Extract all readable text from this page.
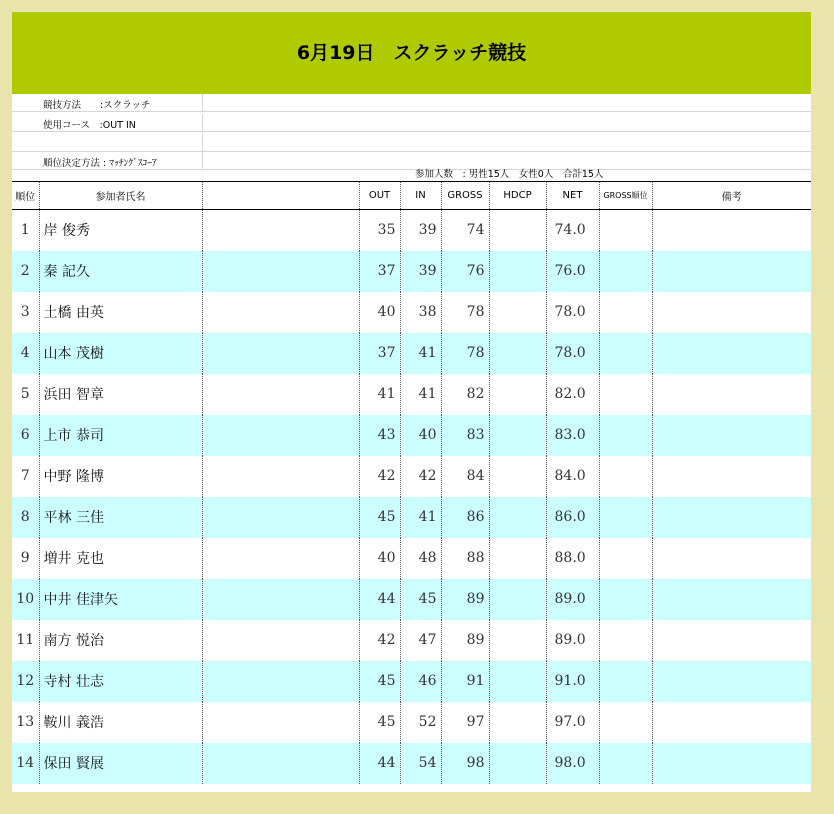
6月19日　スクラッチ競技
競技方法　　:スクラッチ
使用コース　:OUT IN
順位決定方法 : ﾏｯﾁﾝｸﾞｽｺｰｱ
参加人数　: 男性15人　女性0人　合計15人
順位	参加者氏名		OUT	IN	GROSS	HDCP	NET	GROSS順位	備考
1	岸 俊秀		35	39	74		74.0		
2	秦 記久		37	39	76		76.0		
3	土橋 由英		40	38	78		78.0		
4	山本 茂樹		37	41	78		78.0		
5	浜田 智章		41	41	82		82.0		
6	上市 恭司		43	40	83		83.0		
7	中野 隆博		42	42	84		84.0		
8	平林 三佳		45	41	86		86.0		
9	増井 克也		40	48	88		88.0		
10	中井 佳津矢		44	45	89		89.0		
11	南方 悦治		42	47	89		89.0		
12	寺村 壮志		45	46	91		91.0		
13	鞍川 義浩		45	52	97		97.0		
14	保田 賢展		44	54	98		98.0		
